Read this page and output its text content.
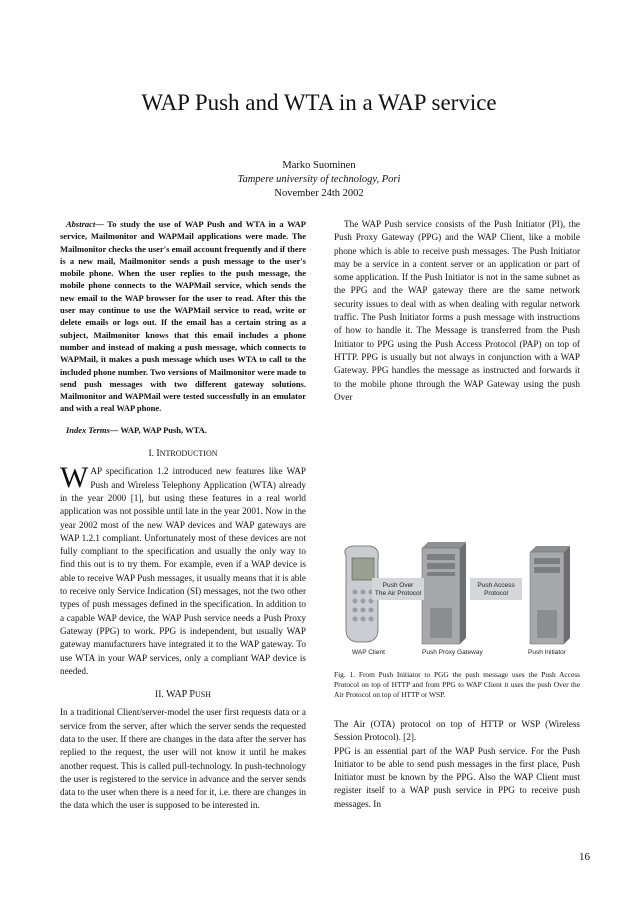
WAP Push and WTA in a WAP service
Marko Suominen
Tampere university of technology, Pori
November 24th 2002

Abstract— To study the use of WAP Push and WTA in a WAP service, Mailmonitor and WAPMail applications were made. The Mailmonitor checks the user's email account frequently and if there is a new mail, Mailmonitor sends a push message to the user's mobile phone. When the user replies to the push message, the mobile phone connects to the WAPMail service, which sends the new email to the WAP browser for the user to read. After this the user may continue to use the WAPMail service to read, write or delete emails or logs out. If the email has a certain string as a subject, Mailmonitor knows that this email includes a phone number and instead of making a push message, which connects to WAPMail, it makes a push message which uses WTA to call to the included phone number. Two versions of Mailmonitor were made to send push messages with two different gateway solutions. Mailmonitor and WAPMail were tested successfully in an emulator and with a real WAP phone.

Index Terms— WAP, WAP Push, WTA.

I. INTRODUCTION

WAP specification 1.2 introduced new features like WAP Push and Wireless Telephony Application (WTA) already in the year 2000 [1], but using these features in a real world application was not possible until late in the year 2001. Now in the year 2002 most of the new WAP devices and WAP gateways are WAP 1.2.1 compliant. Unfortunately most of these devices are not fully compliant to the specification and usually the only way to find this out is to try them. For example, even if a WAP device is able to receive WAP Push messages, it usually means that it is able to receive only Service Indication (SI) messages, not the two other types of push messages defined in the specification. In addition to a capable WAP device, the WAP Push service needs a Push Proxy Gateway (PPG) to work. PPG is independent, but usually WAP gateway manufacturers have integrated it to the WAP gateway. To use WTA in your WAP services, only a compliant WAP device is needed.

II. WAP PUSH

In a traditional Client/server-model the user first requests data or a service from the server, after which the server sends the requested data to the user. If there are changes in the data after the server has replied to the request, the user will not know it until he makes another request. This is called pull-technology. In push-technology the user is registered to the service in advance and the server sends data to the user when there is a need for it, i.e. there are changes in the data which the user is supposed to be interested in.

The WAP Push service consists of the Push Initiator (PI), the Push Proxy Gateway (PPG) and the WAP Client, like a mobile phone which is able to receive push messages. The Push Initiator may be a service in a content server or an application or part of some application. If the Push Initiator is not in the same subnet as the PPG and the WAP gateway there are the same network security issues to deal with as when dealing with regular network traffic. The Push Initiator forms a push message with instructions of how to handle it. The Message is transferred from the Push Initiator to PPG using the Push Access Protocol (PAP) on top of HTTP. PPG is usually but not always in conjunction with a WAP Gateway. PPG handles the message as instructed and forwards it to the mobile phone through the WAP Gateway using the push Over

Push Over
The Air Protocol
Push Access
Protocol
WAP Client	Push Proxy Gateway	Push Initiator
Fig. 1. From Push Initiator to PGG the push message uses the Push Access Protocol on top of HTTP and from PPG to WAP Client it uses the push Over the Air Protocol on top of HTTP or WSP.

The Air (OTA) protocol on top of HTTP or WSP (Wireless Session Protocol). [2].

PPG is an essential part of the WAP Push service. For the Push Initiator to be able to send push messages in the first place, Push Initiator must be known by the PPG. Also the WAP Client must register itself to a WAP push service in PPG to receive push messages. In

16
